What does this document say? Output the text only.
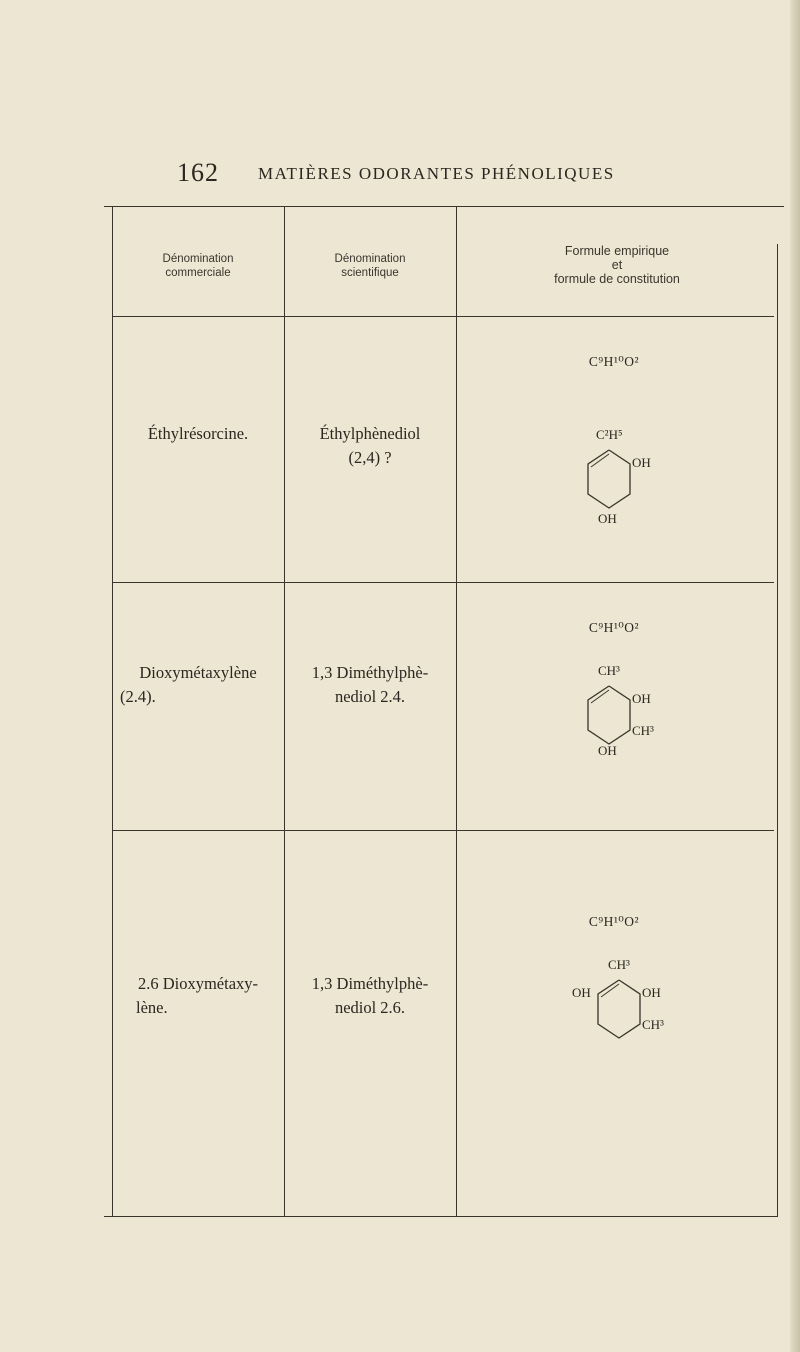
162 MATIÈRES ODORANTES PHÉNOLIQUES
Dénomination
commerciale
Dénomination
scientifique
Formule empirique
et
formule de constitution
Éthylrésorcine.	Éthylphènediol
(2,4) ?
C⁹H¹⁰O²
C²H⁵
OH
OH
Dioxymétaxylène
(2.4).
1,3 Diméthylphè-
nediol 2.4.
C⁹H¹⁰O²
CH³
OH
CH³
OH
2.6 Dioxymétaxy-
lène.
1,3 Diméthylphè-
nediol 2.6.
C⁹H¹⁰O²
CH³
OH	OH
CH³
